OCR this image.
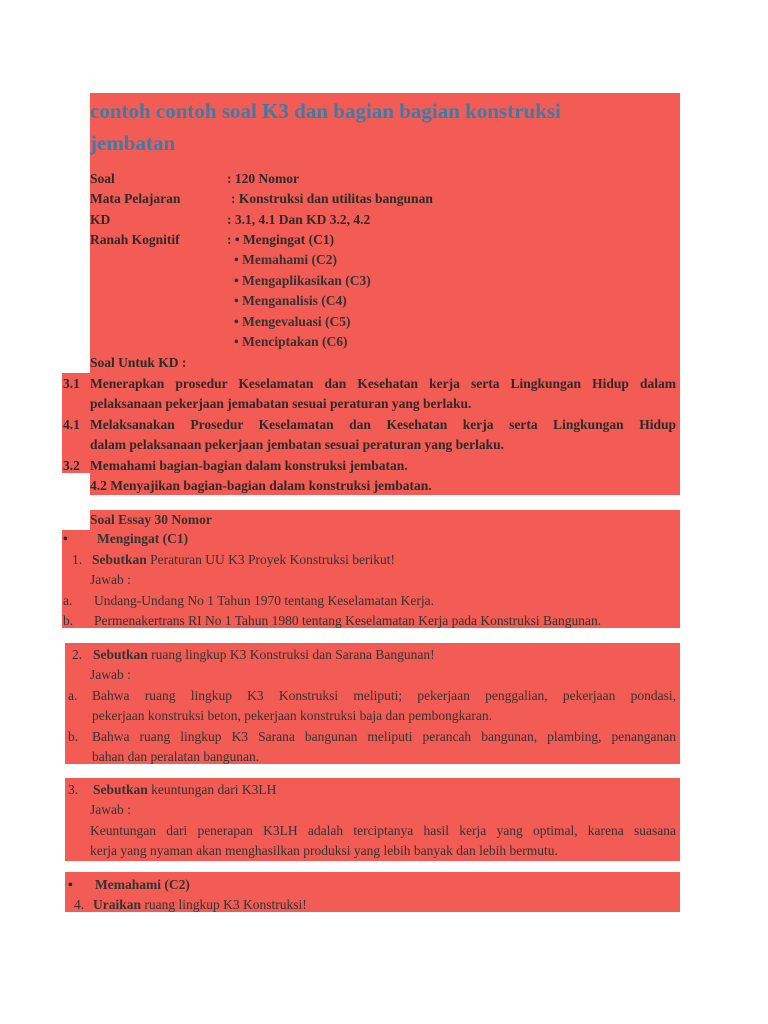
contoh contoh soal K3 dan bagian bagian konstruksi
jembatan
Soal	: 120 Nomor
Mata Pelajaran	: Konstruksi dan utilitas bangunan
KD	: 3.1, 4.1 Dan KD 3.2, 4.2
Ranah Kognitif	: • Mengingat (C1)
• Memahami (C2)
• Mengaplikasikan (C3)
• Menganalisis (C4)
• Mengevaluasi (C5)
• Menciptakan (C6)
Soal Untuk KD :
3.1 Menerapkan prosedur Keselamatan dan Kesehatan kerja serta Lingkungan Hidup dalam
pelaksanaan pekerjaan jemabatan sesuai peraturan yang berlaku.
4.1 Melaksanakan Prosedur Keselamatan dan Kesehatan kerja serta Lingkungan Hidup
dalam pelaksanaan pekerjaan jembatan sesuai peraturan yang berlaku.
3.2 Memahami bagian-bagian dalam konstruksi jembatan.
4.2 Menyajikan bagian-bagian dalam konstruksi jembatan.
Soal Essay 30 Nomor
• Mengingat (C1)
1. Sebutkan Peraturan UU K3 Proyek Konstruksi berikut!
Jawab :
a. Undang-Undang No 1 Tahun 1970 tentang Keselamatan Kerja.
b. Permenakertrans RI No 1 Tahun 1980 tentang Keselamatan Kerja pada Konstruksi Bangunan.
2. Sebutkan ruang lingkup K3 Konstruksi dan Sarana Bangunan!
Jawab :
a. Bahwa ruang lingkup K3 Konstruksi meliputi; pekerjaan penggalian, pekerjaan pondasi,
pekerjaan konstruksi beton, pekerjaan konstruksi baja dan pembongkaran.
b. Bahwa ruang lingkup K3 Sarana bangunan meliputi perancah bangunan, plambing, penanganan
bahan dan peralatan bangunan.
3. Sebutkan keuntungan dari K3LH
Jawab :
Keuntungan dari penerapan K3LH adalah terciptanya hasil kerja yang optimal, karena suasana
kerja yang nyaman akan menghasilkan produksi yang lebih banyak dan lebih bermutu.
• Memahami (C2)
4. Uraikan ruang lingkup K3 Konstruksi!
